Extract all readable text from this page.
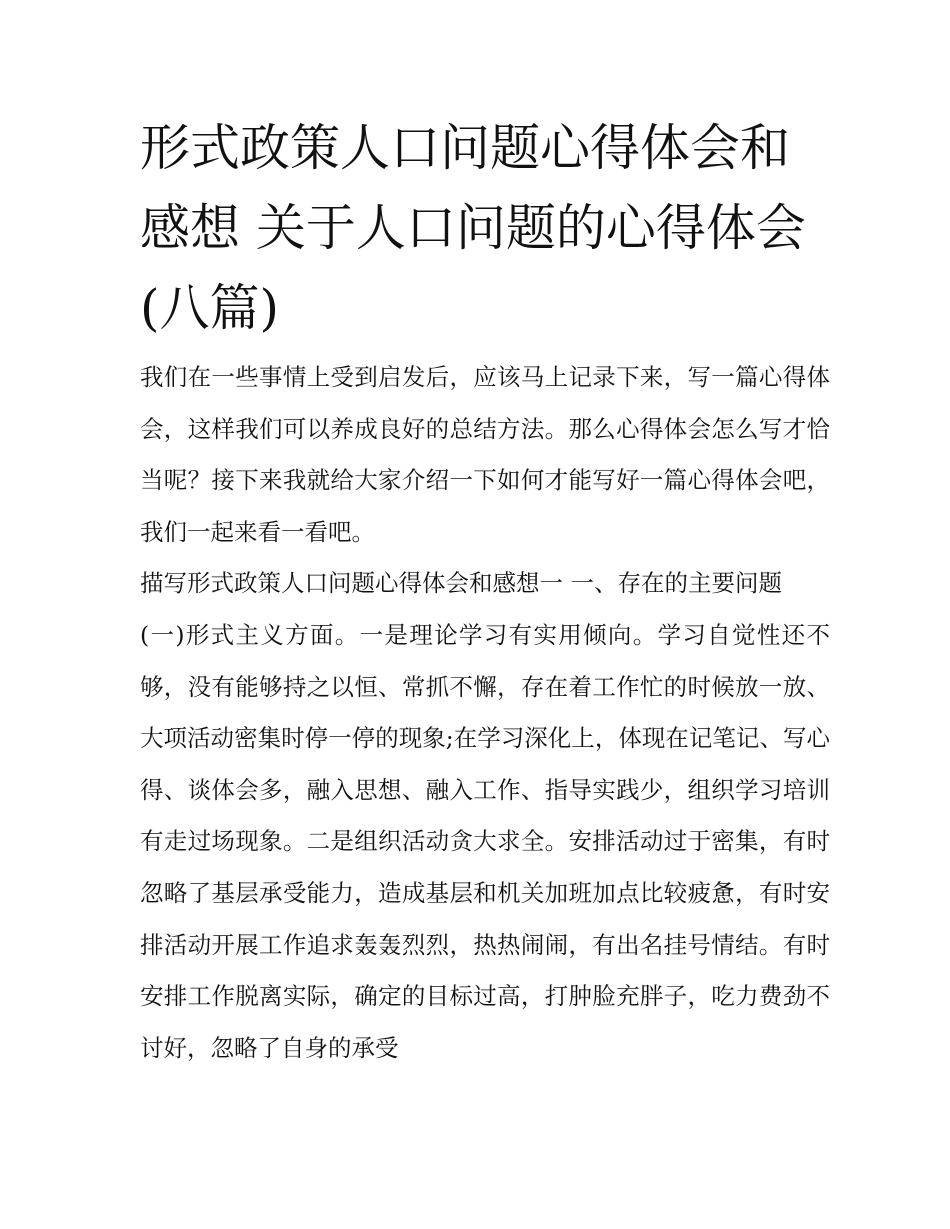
形式政策人口问题心得体会和感想 关于人口问题的心得体会(八篇)

我们在一些事情上受到启发后，应该马上记录下来，写一篇心得体会，这样我们可以养成良好的总结方法。那么心得体会怎么写才恰当呢？接下来我就给大家介绍一下如何才能写好一篇心得体会吧，我们一起来看一看吧。

描写形式政策人口问题心得体会和感想一 一、存在的主要问题

(一)形式主义方面。一是理论学习有实用倾向。学习自觉性还不够，没有能够持之以恒、常抓不懈，存在着工作忙的时候放一放、大项活动密集时停一停的现象;在学习深化上，体现在记笔记、写心得、谈体会多，融入思想、融入工作、指导实践少，组织学习培训有走过场现象。二是组织活动贪大求全。安排活动过于密集，有时忽略了基层承受能力，造成基层和机关加班加点比较疲惫，有时安排活动开展工作追求轰轰烈烈，热热闹闹，有出名挂号情结。有时安排工作脱离实际，确定的目标过高，打肿脸充胖子，吃力费劲不讨好，忽略了自身的承受
